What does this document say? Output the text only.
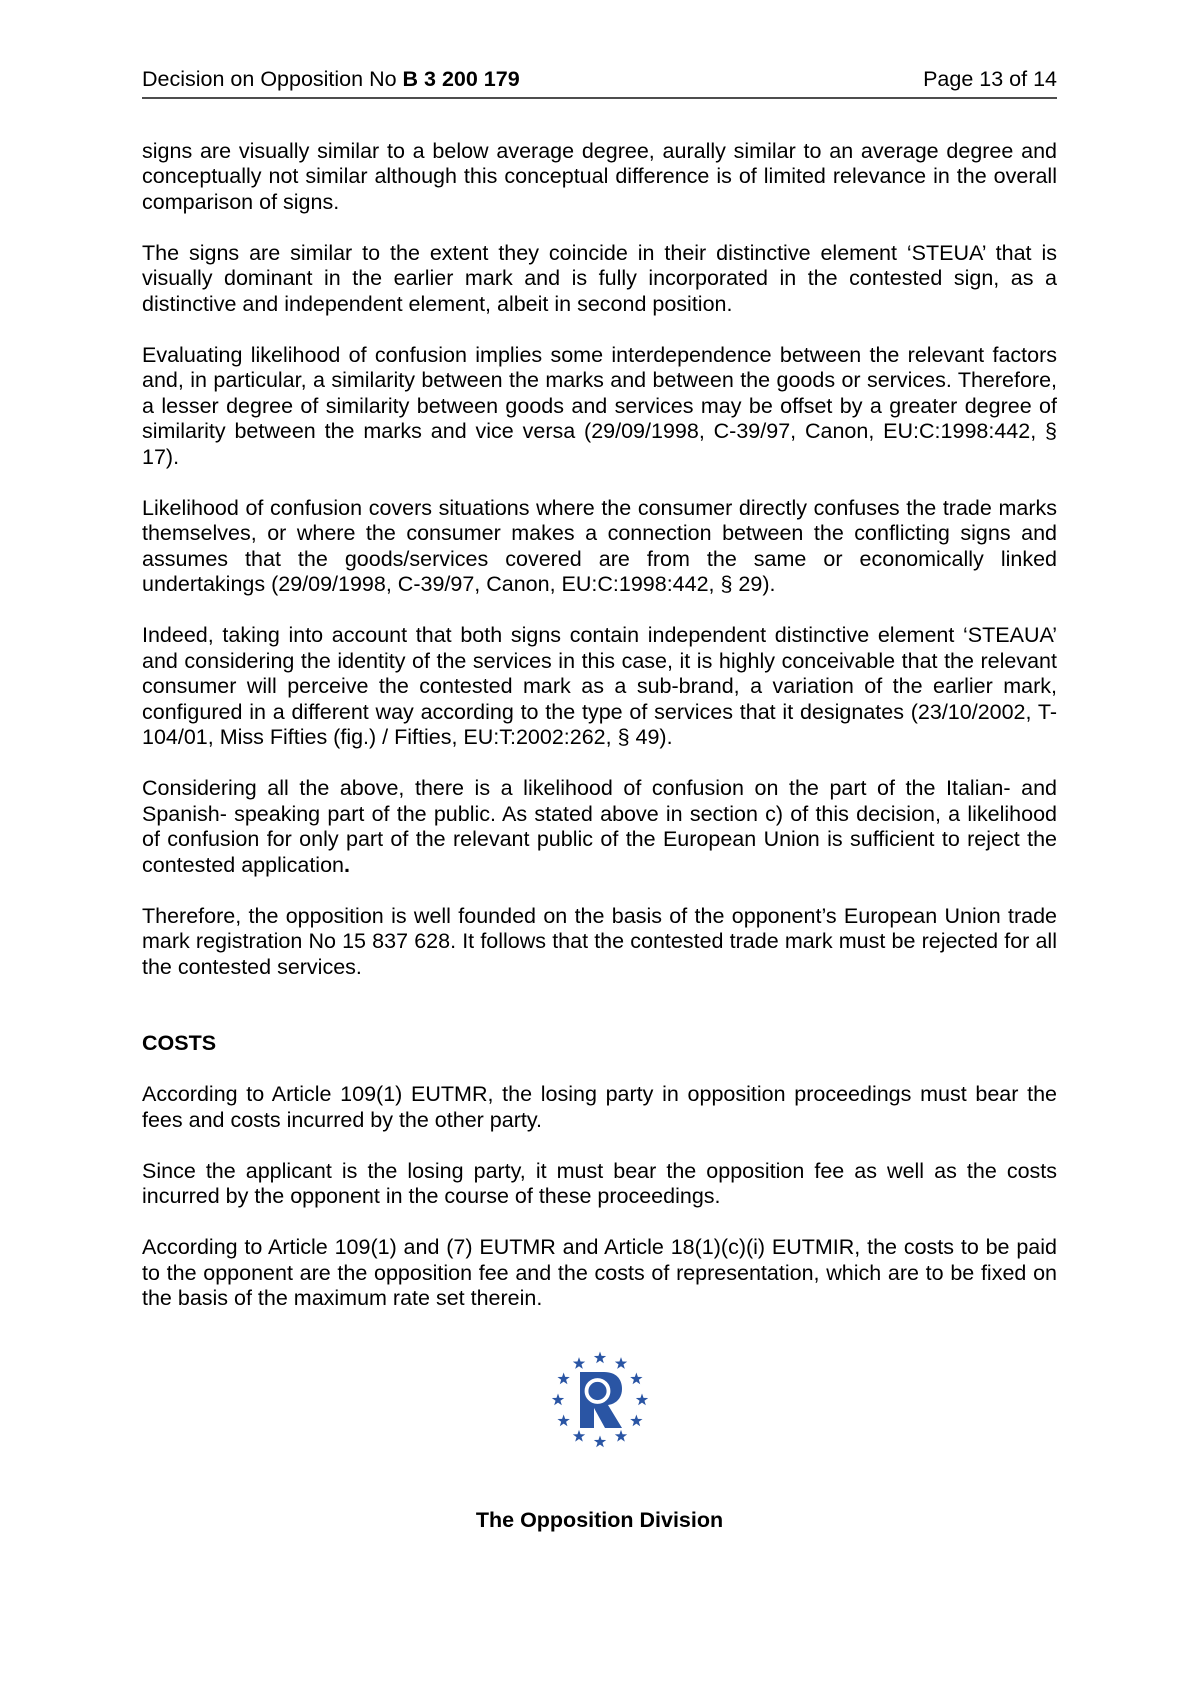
Decision on Opposition No B 3 200 179	Page 13 of 14

signs are visually similar to a below average degree, aurally similar to an average degree and conceptually not similar although this conceptual difference is of limited relevance in the overall comparison of signs.

The signs are similar to the extent they coincide in their distinctive element ‘STEUA’ that is visually dominant in the earlier mark and is fully incorporated in the contested sign, as a distinctive and independent element, albeit in second position.

Evaluating likelihood of confusion implies some interdependence between the relevant factors and, in particular, a similarity between the marks and between the goods or services. Therefore, a lesser degree of similarity between goods and services may be offset by a greater degree of similarity between the marks and vice versa (29/09/1998, C-39/97, Canon, EU:C:1998:442, § 17).

Likelihood of confusion covers situations where the consumer directly confuses the trade marks themselves, or where the consumer makes a connection between the conflicting signs and assumes that the goods/services covered are from the same or economically linked undertakings (29/09/1998, C-39/97, Canon, EU:C:1998:442, § 29).

Indeed, taking into account that both signs contain independent distinctive element ‘STEAUA’ and considering the identity of the services in this case, it is highly conceivable that the relevant consumer will perceive the contested mark as a sub-brand, a variation of the earlier mark, configured in a different way according to the type of services that it designates (23/10/2002, T-104/01, Miss Fifties (fig.) / Fifties, EU:T:2002:262, § 49).

Considering all the above, there is a likelihood of confusion on the part of the Italian- and Spanish- speaking part of the public. As stated above in section c) of this decision, a likelihood of confusion for only part of the relevant public of the European Union is sufficient to reject the contested application.

Therefore, the opposition is well founded on the basis of the opponent’s European Union trade mark registration No 15 837 628. It follows that the contested trade mark must be rejected for all the contested services.

COSTS

According to Article 109(1) EUTMR, the losing party in opposition proceedings must bear the fees and costs incurred by the other party.

Since the applicant is the losing party, it must bear the opposition fee as well as the costs incurred by the opponent in the course of these proceedings.

According to Article 109(1) and (7) EUTMR and Article 18(1)(c)(i) EUTMIR, the costs to be paid to the opponent are the opposition fee and the costs of representation, which are to be fixed on the basis of the maximum rate set therein.

The Opposition Division
